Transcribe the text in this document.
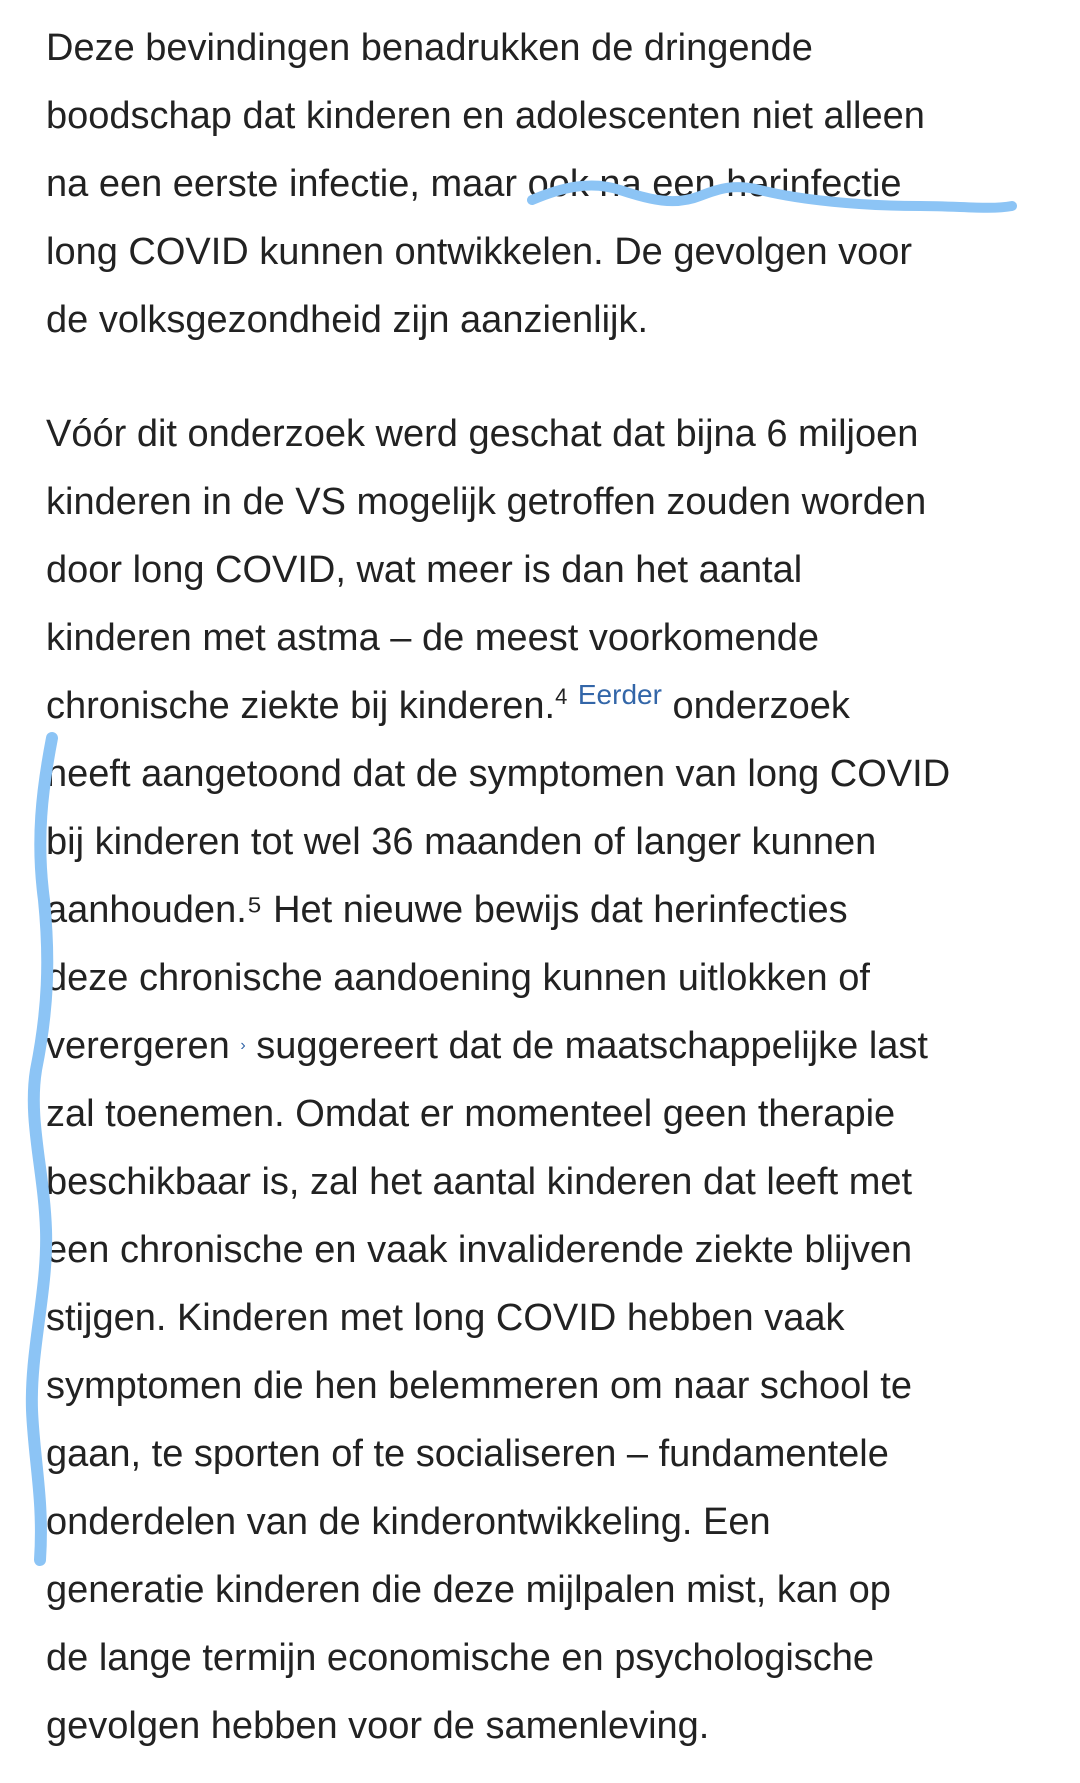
Deze bevindingen benadrukken de dringende
boodschap dat kinderen en adolescenten niet alleen
na een eerste infectie, maar ook na een herinfectie
long COVID kunnen ontwikkelen. De gevolgen voor
de volksgezondheid zijn aanzienlijk.
Vóór dit onderzoek werd geschat dat bijna 6 miljoen
kinderen in de VS mogelijk getroffen zouden worden
door long COVID, wat meer is dan het aantal
kinderen met astma – de meest voorkomende
chronische ziekte bij kinderen.$^4$ $^{Eerder}$ onderzoek
heeft aangetoond dat de symptomen van long COVID
bij kinderen tot wel 36 maanden of langer kunnen
aanhouden.⁵ Het nieuwe bewijs dat herinfecties
deze chronische aandoening kunnen uitlokken of
verergeren › suggereert dat de maatschappelijke last
zal toenemen. Omdat er momenteel geen therapie
beschikbaar is, zal het aantal kinderen dat leeft met
een chronische en vaak invaliderende ziekte blijven
stijgen. Kinderen met long COVID hebben vaak
symptomen die hen belemmeren om naar school te
gaan, te sporten of te socialiseren – fundamentele
onderdelen van de kinderontwikkeling. Een
generatie kinderen die deze mijlpalen mist, kan op
de lange termijn economische en psychologische
gevolgen hebben voor de samenleving.
